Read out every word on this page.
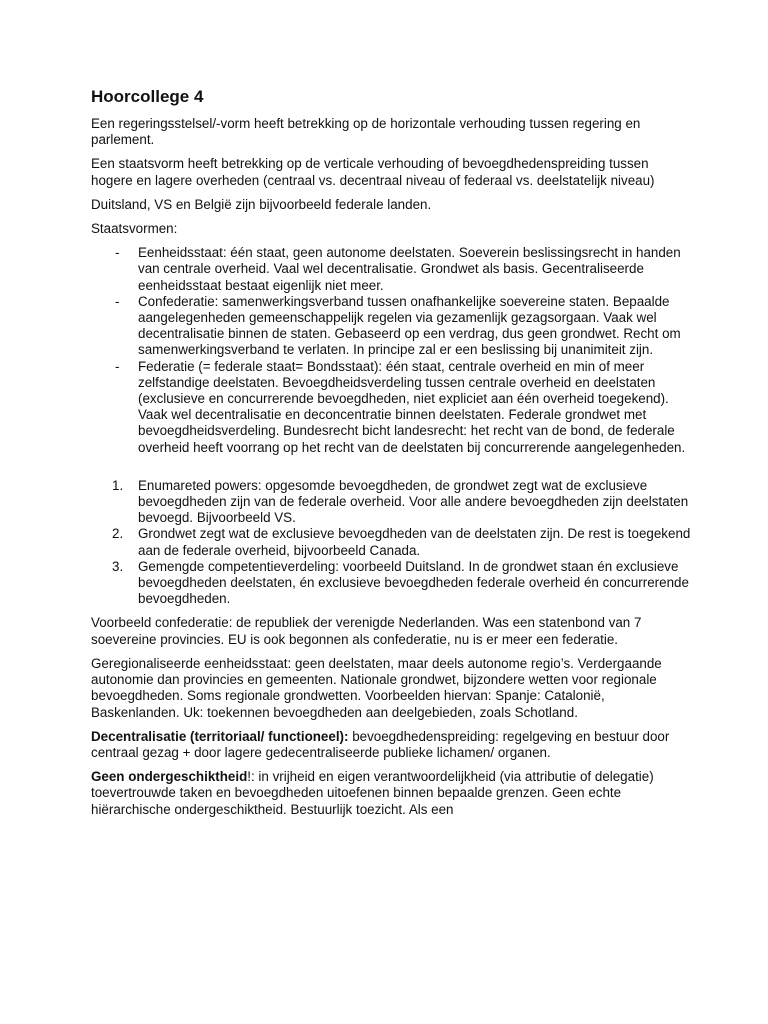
Hoorcollege 4

Een regeringsstelsel/-vorm heeft betrekking op de horizontale verhouding tussen regering en parlement.

Een staatsvorm heeft betrekking op de verticale verhouding of bevoegdhedenspreiding tussen hogere en lagere overheden (centraal vs. decentraal niveau of federaal vs. deelstatelijk niveau)

Duitsland, VS en België zijn bijvoorbeeld federale landen.

Staatsvormen:

- Eenheidsstaat: één staat, geen autonome deelstaten. Soeverein beslissingsrecht in handen van centrale overheid. Vaal wel decentralisatie. Grondwet als basis. Gecentraliseerde eenheidsstaat bestaat eigenlijk niet meer.
- Confederatie: samenwerkingsverband tussen onafhankelijke soevereine staten. Bepaalde aangelegenheden gemeenschappelijk regelen via gezamenlijk gezagsorgaan. Vaak wel decentralisatie binnen de staten. Gebaseerd op een verdrag, dus geen grondwet. Recht om samenwerkingsverband te verlaten. In principe zal er een beslissing bij unanimiteit zijn.
- Federatie (= federale staat= Bondsstaat): één staat, centrale overheid en min of meer zelfstandige deelstaten. Bevoegdheidsverdeling tussen centrale overheid en deelstaten (exclusieve en concurrerende bevoegdheden, niet expliciet aan één overheid toegekend). Vaak wel decentralisatie en deconcentratie binnen deelstaten. Federale grondwet met bevoegdheidsverdeling. Bundesrecht bicht landesrecht: het recht van de bond, de federale overheid heeft voorrang op het recht van de deelstaten bij concurrerende aangelegenheden.
1. Enumareted powers: opgesomde bevoegdheden, de grondwet zegt wat de exclusieve bevoegdheden zijn van de federale overheid. Voor alle andere bevoegdheden zijn deelstaten bevoegd. Bijvoorbeeld VS.
2. Grondwet zegt wat de exclusieve bevoegdheden van de deelstaten zijn. De rest is toegekend aan de federale overheid, bijvoorbeeld Canada.
3. Gemengde competentieverdeling: voorbeeld Duitsland. In de grondwet staan én exclusieve bevoegdheden deelstaten, én exclusieve bevoegdheden federale overheid én concurrerende bevoegdheden.

Voorbeeld confederatie: de republiek der verenigde Nederlanden. Was een statenbond van 7 soevereine provincies. EU is ook begonnen als confederatie, nu is er meer een federatie.

Geregionaliseerde eenheidsstaat: geen deelstaten, maar deels autonome regio’s. Verdergaande autonomie dan provincies en gemeenten. Nationale grondwet, bijzondere wetten voor regionale bevoegdheden. Soms regionale grondwetten. Voorbeelden hiervan: Spanje: Catalonië, Baskenlanden. Uk: toekennen bevoegdheden aan deelgebieden, zoals Schotland.

Decentralisatie (territoriaal/ functioneel): bevoegdhedenspreiding: regelgeving en bestuur door centraal gezag + door lagere gedecentraliseerde publieke lichamen/ organen.

Geen ondergeschiktheid!: in vrijheid en eigen verantwoordelijkheid (via attributie of delegatie) toevertrouwde taken en bevoegdheden uitoefenen binnen bepaalde grenzen. Geen echte hiërarchische ondergeschiktheid. Bestuurlijk toezicht. Als een
